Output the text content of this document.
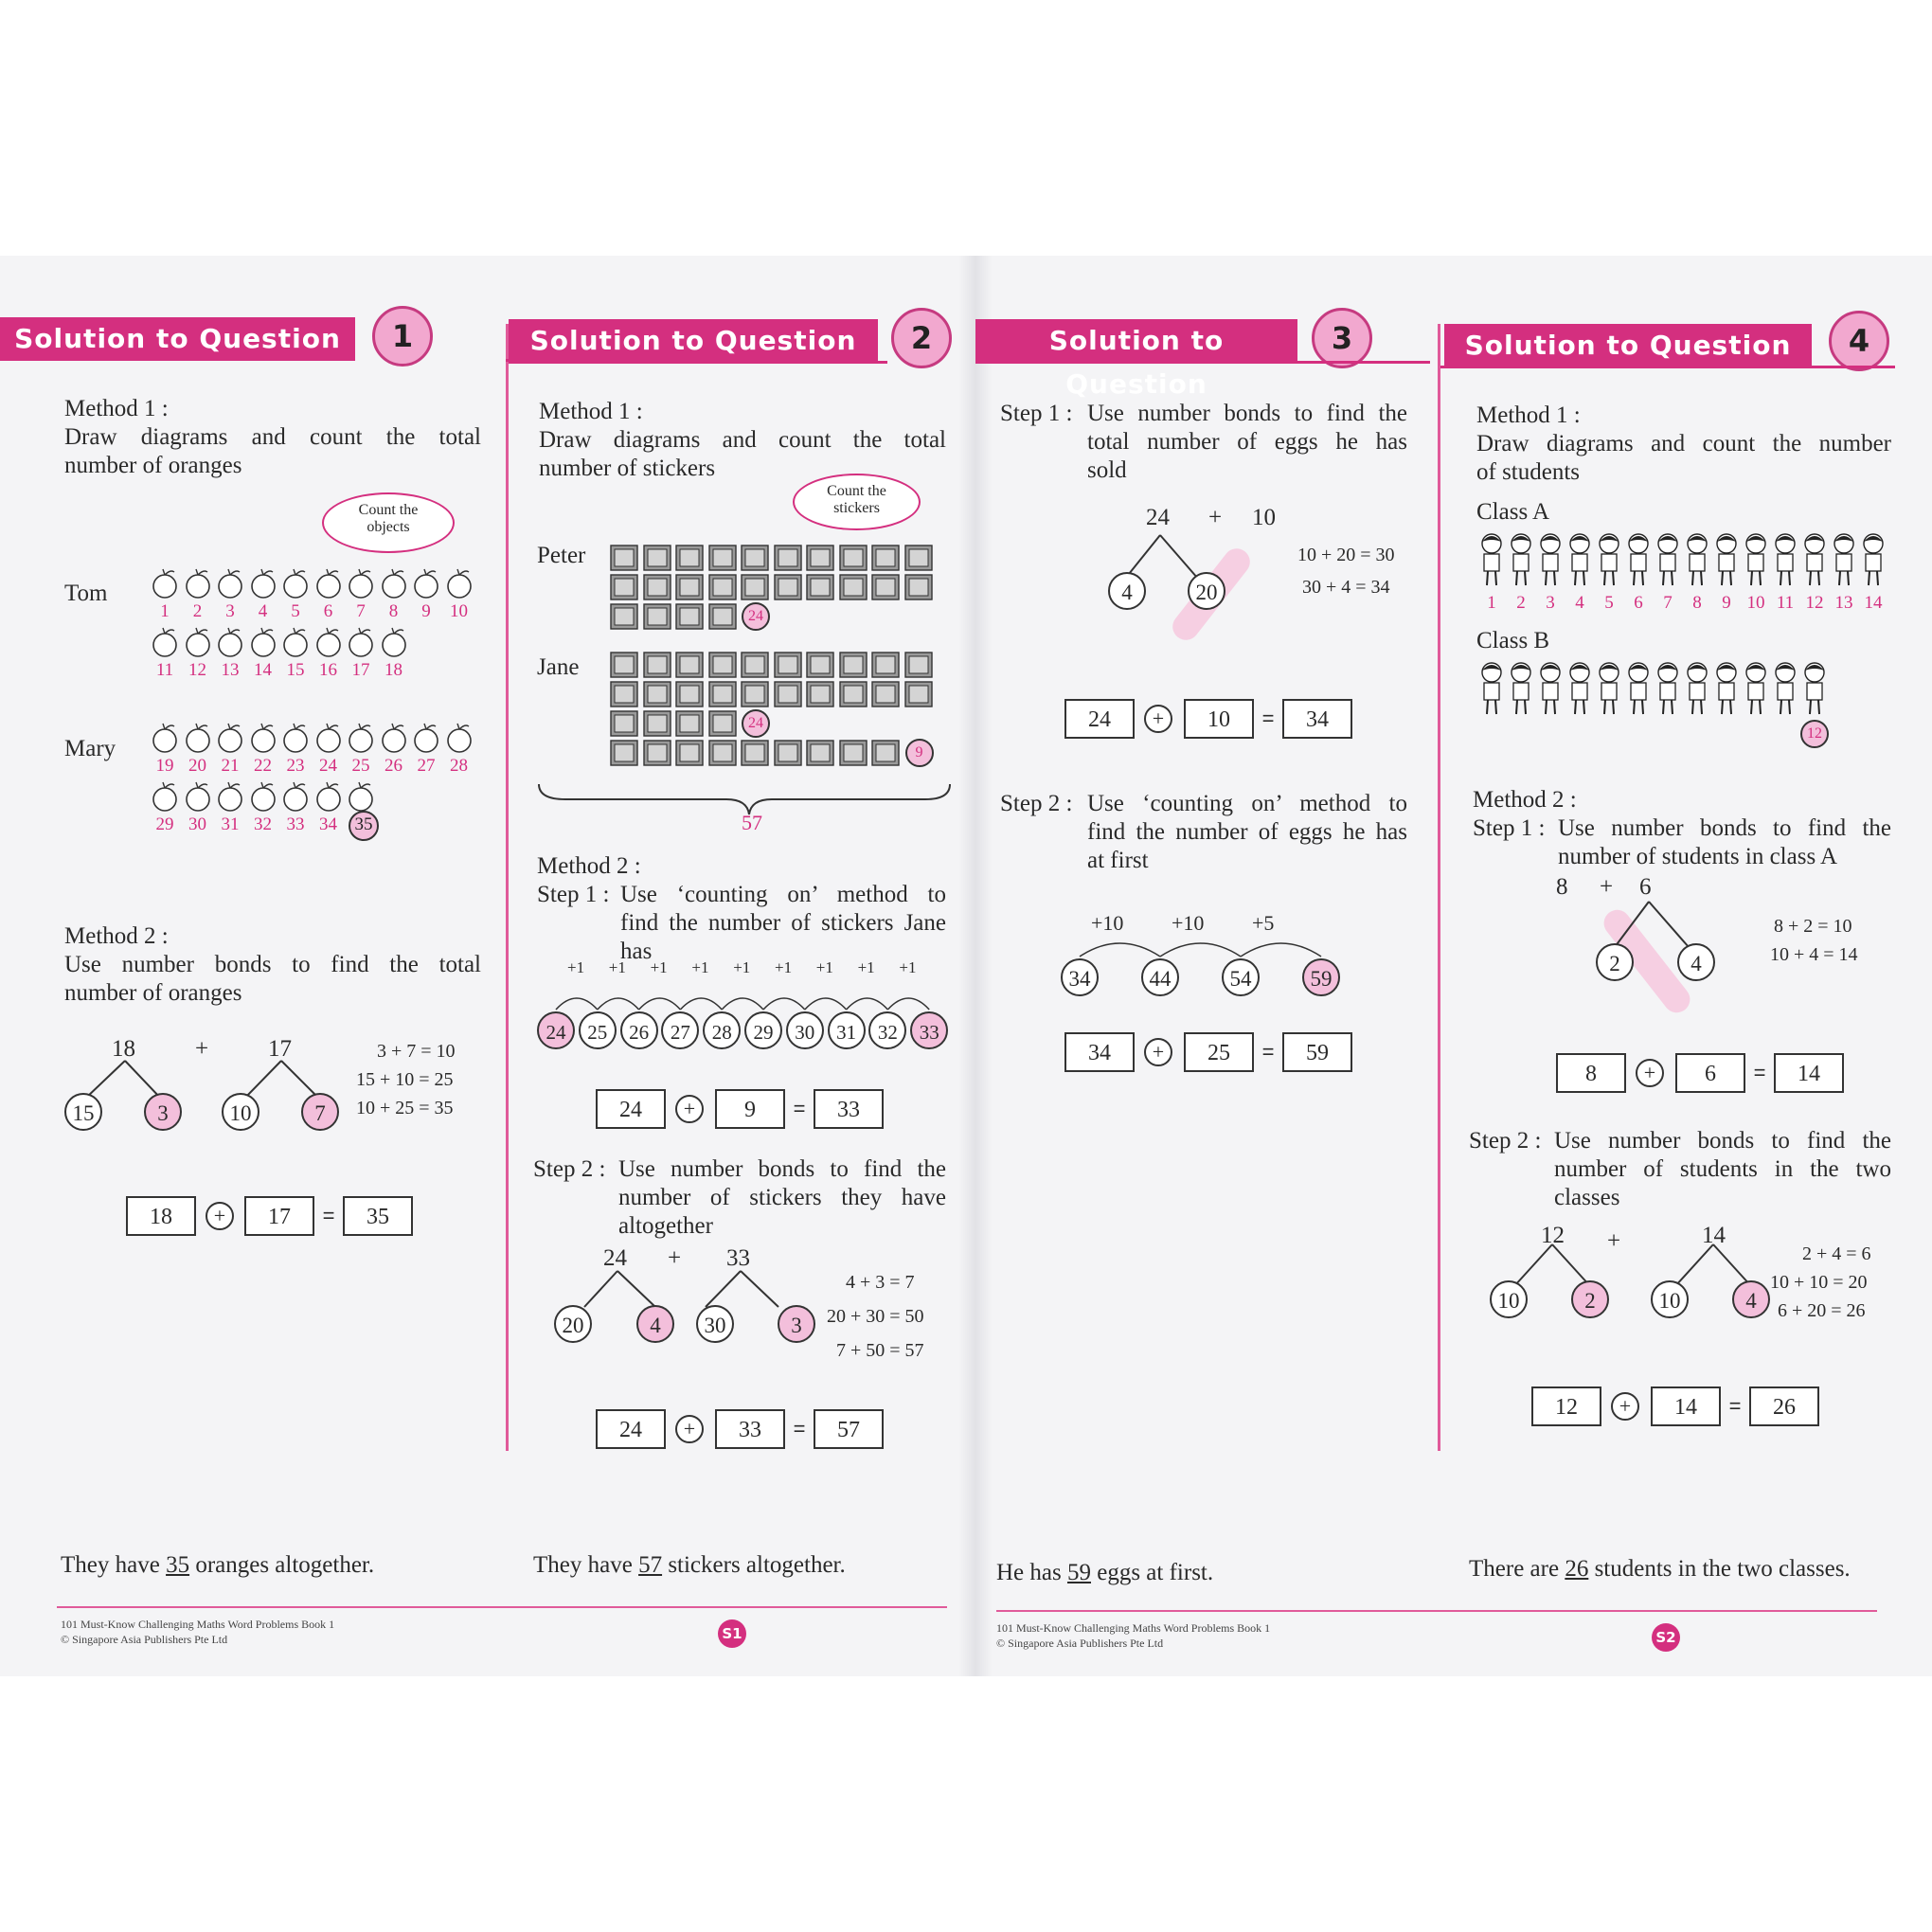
Solution to Question	1
Method 1 :
Draw diagrams and count the total
number of oranges
Count the objects
Tom
Mary
1	2	3	4	5	6	7	8	9	10
11 12 13 14 15 16 17 18
19 20 21 22 23 24 25 26 27 28
29 30 31 32 33 34 35
Method 2 :
Use number bonds to find the total
number of oranges
18	+	17
15	3	10	7
3 + 7 = 10
15 + 10 = 25
10 + 25 = 35
18	+	17	=	35
They have 35 oranges altogether.
Solution to Question	2
Method 1 :
Draw diagrams and count the total
number of stickers
Count the stickers
Peter
Jane
24
24
9
57
Method 2 :
Step 1 : Use ‘counting on’ method to
find the number of stickers Jane
has
+1 +1 +1 +1 +1 +1 +1 +1 +1
24	25	26	27	28	29	30	31	32	33
24	+	9	=	33
Step 2 : Use number bonds to find the
number of stickers they have
altogether
24 + 33
20	4	30	3
4 + 3 = 7
20 + 30 = 50
7 + 50 = 57
24	+	33	=	57
They have 57 stickers altogether.
Solution to Question
3
Step 1 : Use number bonds to find the
total number of eggs he has
sold
24 + 10
4	20
10 + 20 = 30
30 + 4 = 34
24	+	10	=	34
Step 2 : Use ‘counting on’ method to
find the number of eggs he has
at first
+10 +10 +5
34	44	54	59
34	+	25	=	59
He has 59 eggs at first.
Solution to Question	4
Method 1 :
Draw diagrams and count the number
of students
Class A
Class B
1	2	3	4	5	6	7	8	9 10 11 12 13 14
12
Method 2 :
Step 1 : Use number bonds to find the
number of students in class A
8 + 6
2	4
8 + 2 = 10
10 + 4 = 14
8	+	6	=	14
Step 2 : Use number bonds to find the
number of students in the two
classes
12 +	14
10	2	10	4
2 + 4 = 6
10 + 10 = 20
6 + 20 = 26
12	+	14	=	26
There are 26 students in the two classes.
101 Must-Know Challenging Maths Word Problems Book 1
© Singapore Asia Publishers Pte Ltd	S1	101 Must-Know Challenging Maths Word Problems Book 1
© Singapore Asia Publishers Pte Ltd	S2
